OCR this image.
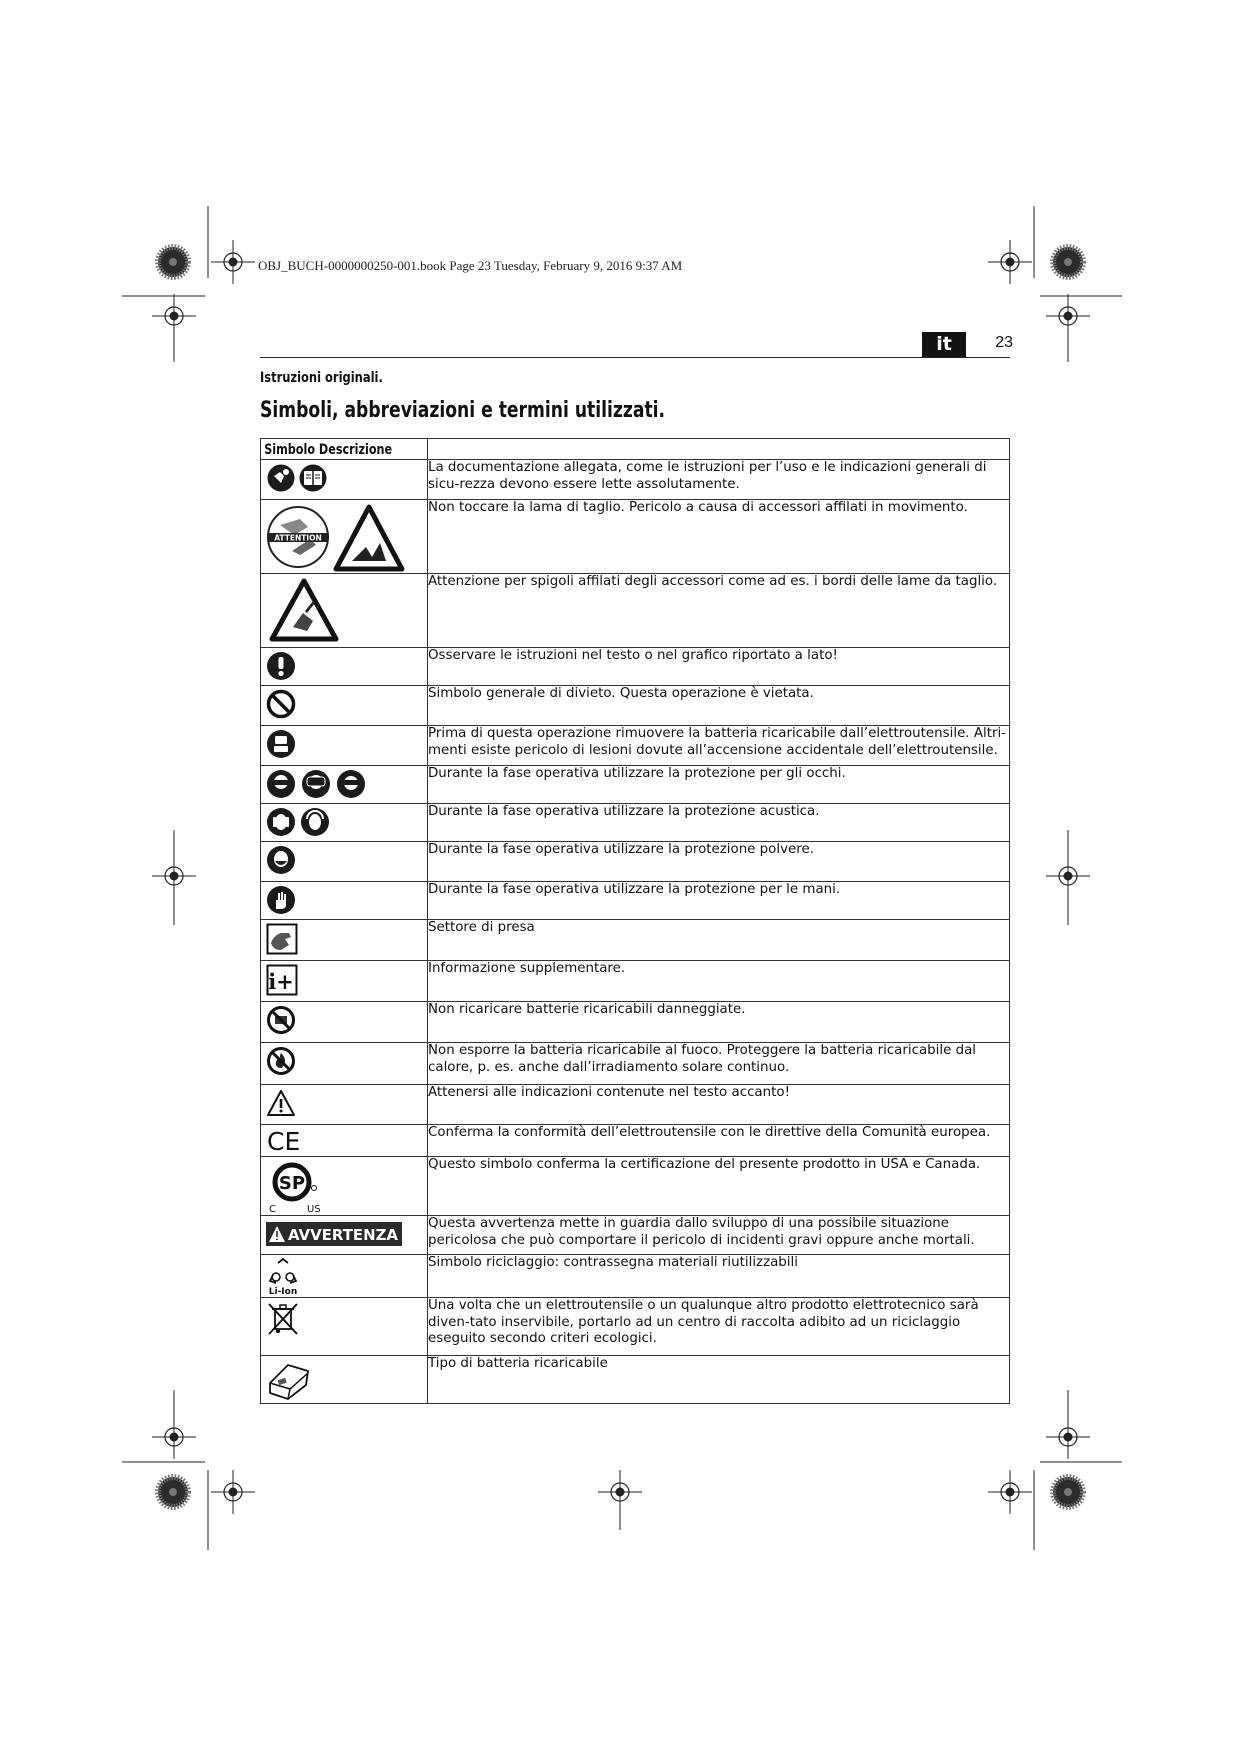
OBJ_BUCH-0000000250-001.book Page 23 Tuesday, February 9, 2016 9:37 AM
it	23
Istruzioni originali.
Simboli, abbreviazioni e termini utilizzati.
Simbolo Descrizione	

	La documentazione allegata, come le istruzioni per l’uso e le indicazioni generali di sicu-rezza devono essere lette assolutamente.

ATTENTION	Non toccare la lama di taglio. Pericolo a causa di accessori affilati in movimento.

	Attenzione per spigoli affilati degli accessori come ad es. i bordi delle lame da taglio.

	Osservare le istruzioni nel testo o nel grafico riportato a lato!

	Simbolo generale di divieto. Questa operazione è vietata.

	Prima di questa operazione rimuovere la batteria ricaricabile dall’elettroutensile. Altri-menti esiste pericolo di lesioni dovute all’accensione accidentale dell’elettroutensile.

	Durante la fase operativa utilizzare la protezione per gli occhi.

	Durante la fase operativa utilizzare la protezione acustica.

	Durante la fase operativa utilizzare la protezione polvere.

	Durante la fase operativa utilizzare la protezione per le mani.

	Settore di presa

i+	Informazione supplementare.

	Non ricaricare batterie ricaricabili danneggiate.

	Non esporre la batteria ricaricabile al fuoco. Proteggere la batteria ricaricabile dal calore, p. es. anche dall’irradiamento solare continuo.

	Attenersi alle indicazioni contenute nel testo accanto!

CE	Conferma la conformità dell’elettroutensile con le direttive della Comunità europea.

SP
C US	Questo simbolo conferma la certificazione del presente prodotto in USA e Canada.

AVVERTENZA	Questa avvertenza mette in guardia dallo sviluppo di una possibile situazione pericolosa che può comportare il pericolo di incidenti gravi oppure anche mortali.

Li-Ion	Simbolo riciclaggio: contrassegna materiali riutilizzabili

	Una volta che un elettroutensile o un qualunque altro prodotto elettrotecnico sarà diven-tato inservibile, portarlo ad un centro di raccolta adibito ad un riciclaggio eseguito secondo criteri ecologici.

	Tipo di batteria ricaricabile
